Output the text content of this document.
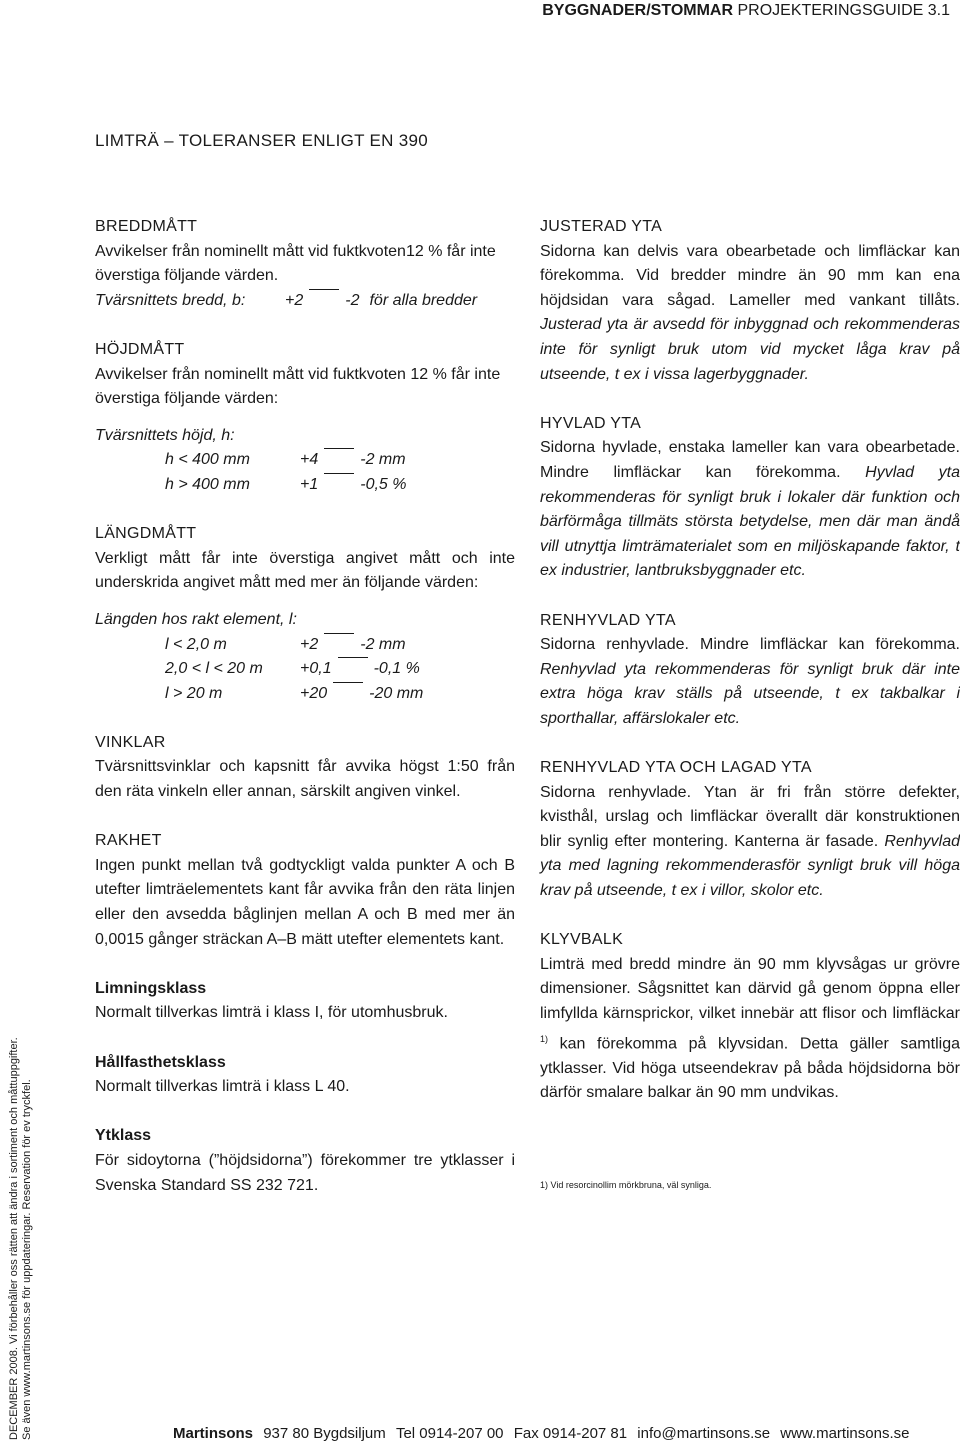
BYGGNADER/STOMMAR PROJEKTERINGSGUIDE 3.1
LIMTRÄ – TOLERANSER ENLIGT EN 390
BREDDMÅTT

Avvikelser från nominellt mått vid fuktkvoten12 % får inte överstiga följande värden.

Tvärsnittets bredd, b:	+2	-2 för alla bredder
HÖJDMÅTT

Avvikelser från nominellt mått vid fuktkvoten 12 % får inte överstiga följande värden:

Tvärsnittets höjd, h:

h < 400 mm	+4	-2 mm
h > 400 mm	+1	-0,5 %
LÄNGDMÅTT

Verkligt mått får inte överstiga angivet mått och inte underskrida angivet mått med mer än följande värden:

Längden hos rakt element, l:

l < 2,0 m	+2	-2 mm
2,0 < l < 20 m	+0,1	-0,1 %
l > 20 m	+20	-20 mm
VINKLAR

Tvärsnittsvinklar och kapsnitt får avvika högst 1:50 från den räta vinkeln eller annan, särskilt angiven vinkel.

RAKHET

Ingen punkt mellan två godtyckligt valda punkter A och B utefter limträelementets kant får avvika från den räta linjen eller den avsedda båglinjen mellan A och B med mer än 0,0015 gånger sträckan A–B mätt utefter elementets kant.

Limningsklass

Normalt tillverkas limträ i klass I, för utomhusbruk.

Hållfasthetsklass

Normalt tillverkas limträ i klass L 40.

Ytklass

För sidoytorna (”höjdsidorna”) förekommer tre ytklasser i Svenska Standard SS 232 721.

JUSTERAD YTA

Sidorna kan delvis vara obearbetade och limfläckar kan förekomma. Vid bredder mindre än 90 mm kan ena höjdsidan vara sågad. Lameller med vankant tillåts. Justerad yta är avsedd för inbyggnad och rekommenderas inte för synligt bruk utom vid mycket låga krav på utseende, t ex i vissa lagerbyggnader.

HYVLAD YTA

Sidorna hyvlade, enstaka lameller kan vara obearbetade. Mindre limfläckar kan förekomma. Hyvlad yta rekommenderas för synligt bruk i lokaler där funktion och bärförmåga tillmäts största betydelse, men där man ändå vill utnyttja limträmaterialet som en miljöskapande faktor, t ex industrier, lantbruksbyggnader etc.

RENHYVLAD YTA

Sidorna renhyvlade. Mindre limfläckar kan förekomma. Renhyvlad yta rekommenderas för synligt bruk där inte extra höga krav ställs på utseende, t ex takbalkar i sporthallar, affärslokaler etc.

RENHYVLAD YTA OCH LAGAD YTA

Sidorna renhyvlade. Ytan är fri från större defekter, kvisthål, urslag och limfläckar överallt där konstruktionen blir synlig efter montering. Kanterna är fasade. Renhyvlad yta med lagning rekommenderasför synligt bruk vill höga krav på utseende, t ex i villor, skolor etc.

KLYVBALK

Limträ med bredd mindre än 90 mm klyvsågas ur grövre dimensioner. Sågsnittet kan därvid gå genom öppna eller limfyllda kärnsprickor, vilket innebär att flisor och limfläckar $^{1)}$ kan förekomma på klyvsidan. Detta gäller samtliga ytklasser. Vid höga utseendekrav på båda höjdsidorna bör därför smalare balkar än 90 mm undvikas.

1) Vid resorcinollim mörkbruna, väl synliga.
DECEMBER 2008. Vi förbehåller oss rätten att ändra i sortiment och måttuppgifter. Se även www.martinsons.se för uppdateringar. Reservation för ev tryckfel.	Martinsons 937 80 Bygdsiljum Tel 0914-207 00 Fax 0914-207 81 info@martinsons.se www.martinsons.se
